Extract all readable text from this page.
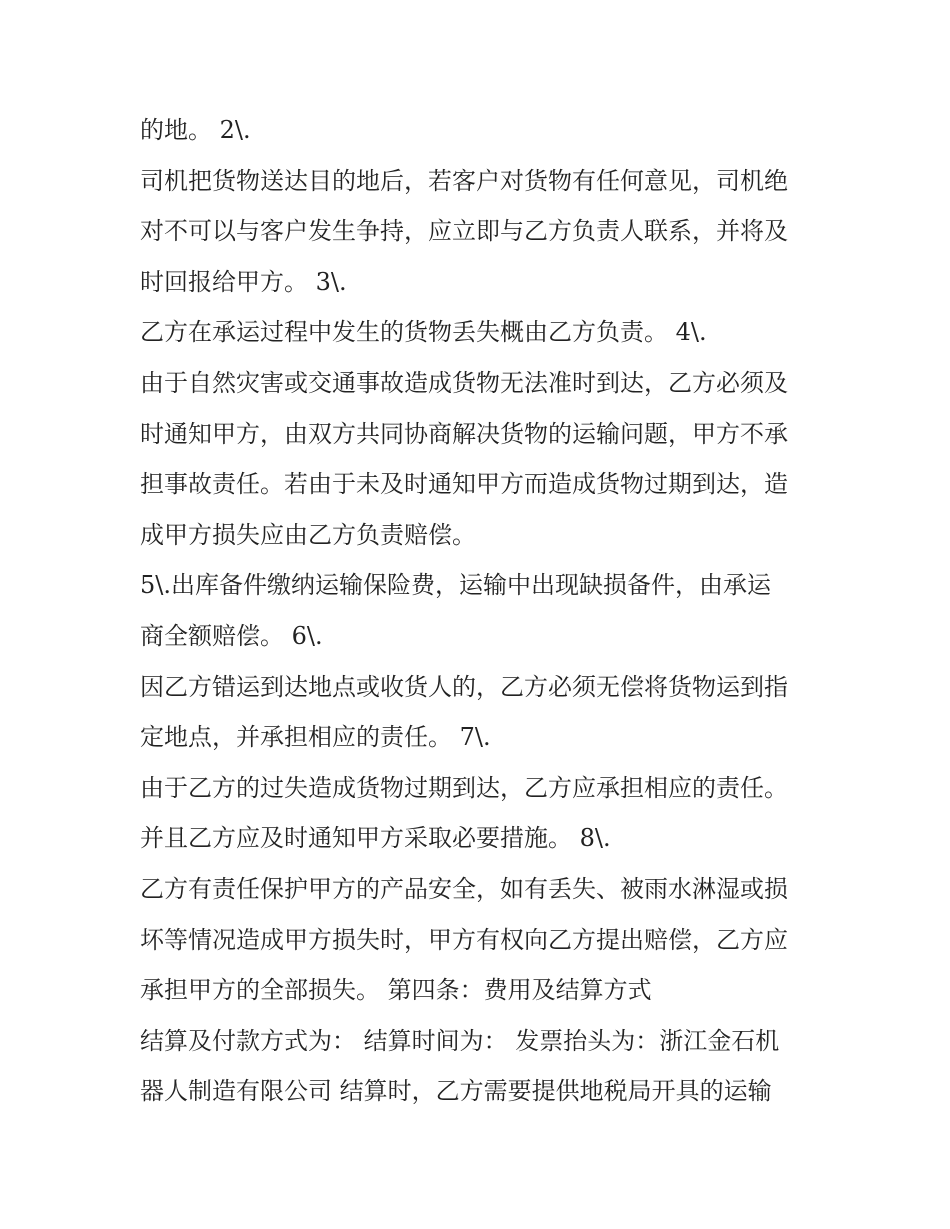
的地。 2\.
司机把货物送达目的地后，若客户对货物有任何意见，司机绝
对不可以与客户发生争持，应立即与乙方负责人联系，并将及
时回报给甲方。 3\.
乙方在承运过程中发生的货物丢失概由乙方负责。 4\.
由于自然灾害或交通事故造成货物无法准时到达，乙方必须及
时通知甲方，由双方共同协商解决货物的运输问题，甲方不承
担事故责任。若由于未及时通知甲方而造成货物过期到达，造
成甲方损失应由乙方负责赔偿。
5\.出库备件缴纳运输保险费，运输中出现缺损备件，由承运
商全额赔偿。 6\.
因乙方错运到达地点或收货人的，乙方必须无偿将货物运到指
定地点，并承担相应的责任。 7\.
由于乙方的过失造成货物过期到达，乙方应承担相应的责任。
并且乙方应及时通知甲方采取必要措施。 8\.
乙方有责任保护甲方的产品安全，如有丢失、被雨水淋湿或损
坏等情况造成甲方损失时，甲方有权向乙方提出赔偿，乙方应
承担甲方的全部损失。 第四条：费用及结算方式
结算及付款方式为： 结算时间为： 发票抬头为：浙江金石机
器人制造有限公司 结算时，乙方需要提供地税局开具的运输
